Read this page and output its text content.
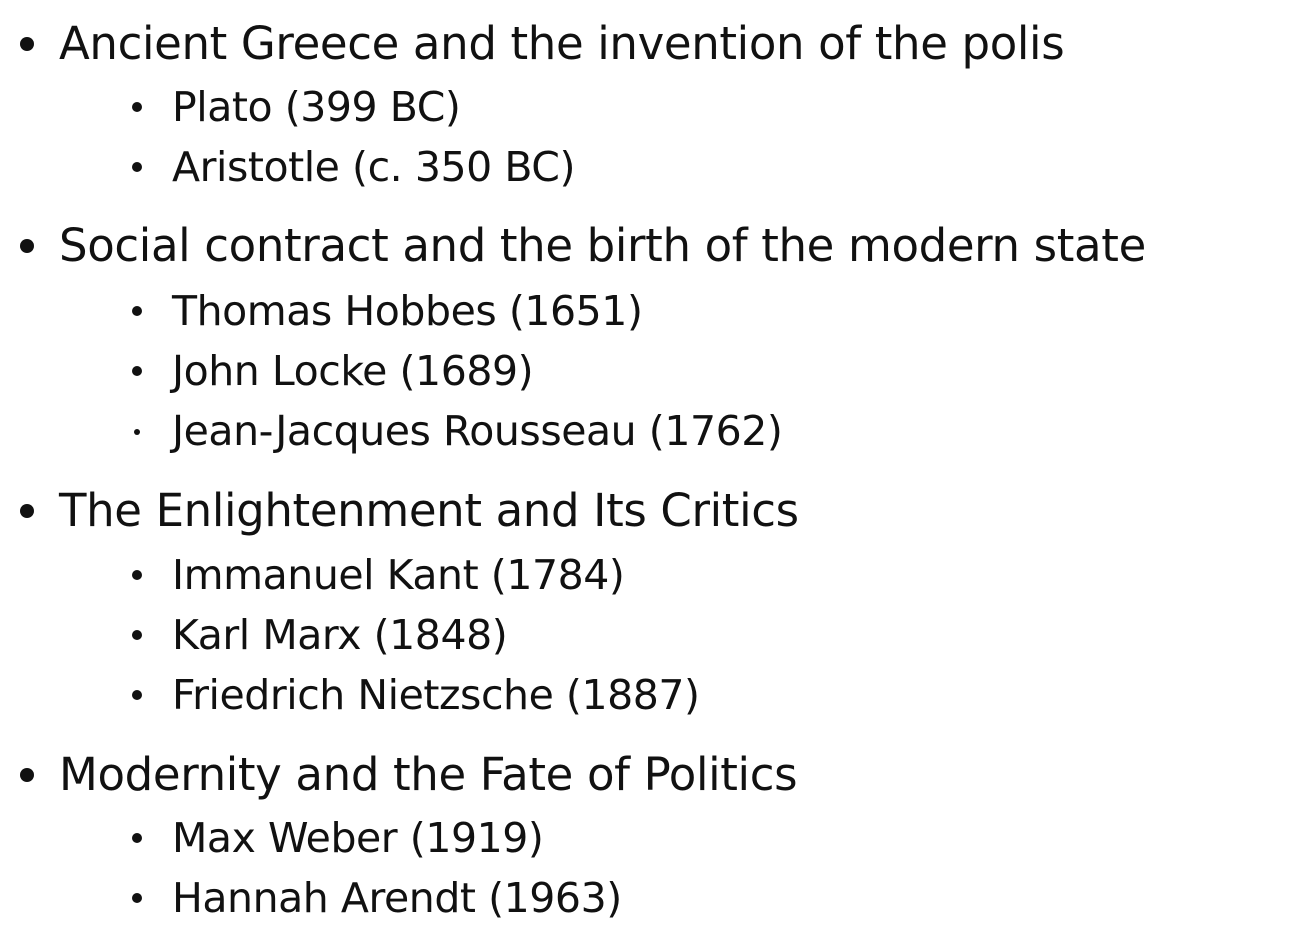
Ancient Greece and the invention of the polis
Plato (399 BC)
Aristotle (c. 350 BC)
Social contract and the birth of the modern state
Thomas Hobbes (1651)
John Locke (1689)
Jean-Jacques Rousseau (1762)
The Enlightenment and Its Critics
Immanuel Kant (1784)
Karl Marx (1848)
Friedrich Nietzsche (1887)
Modernity and the Fate of Politics
Max Weber (1919)
Hannah Arendt (1963)
